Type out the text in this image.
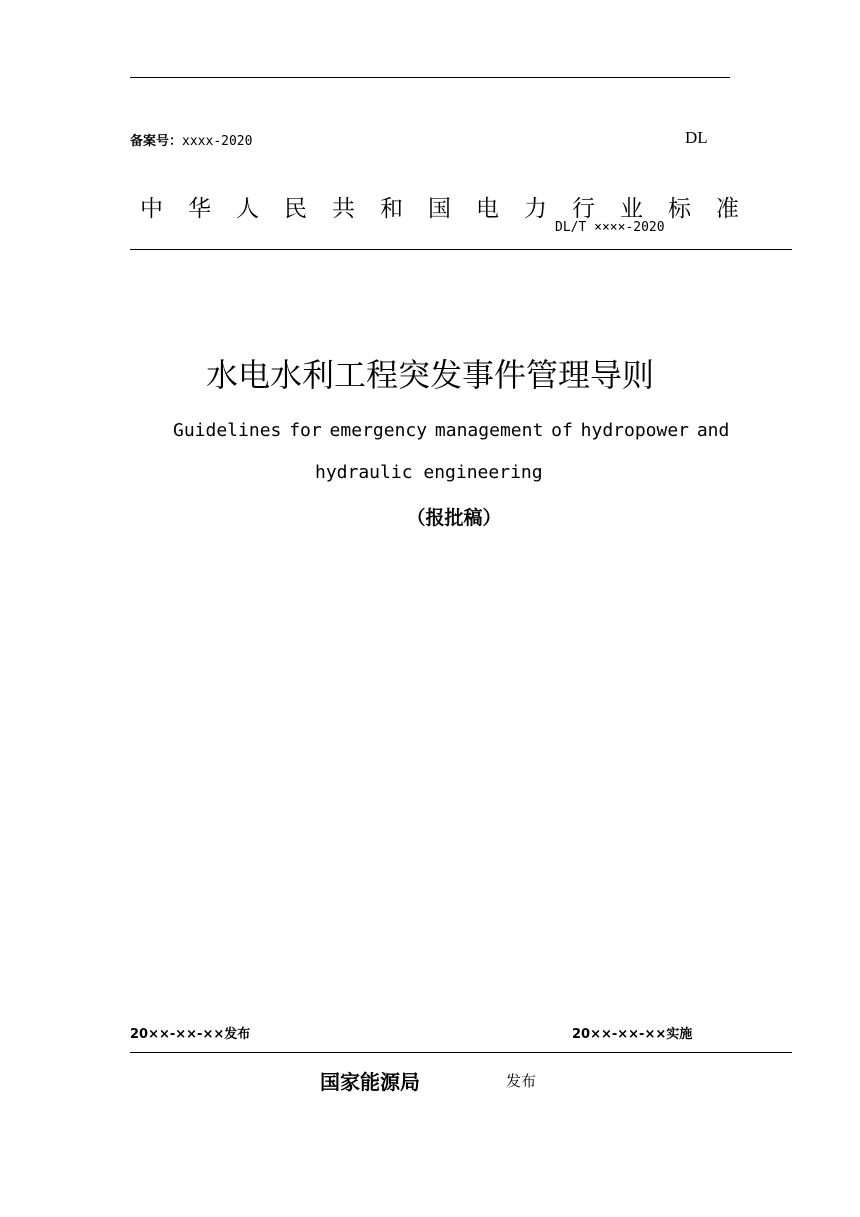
备案号：xxxx-2020	DL
中华人民共和国电力行业标准
DL/T ××××-2020
水电水利工程突发事件管理导则
Guidelines for emergency management of hydropower and
hydraulic engineering
（报批稿）
20××-××-××发布	20××-××-××实施
国家能源局	发布
